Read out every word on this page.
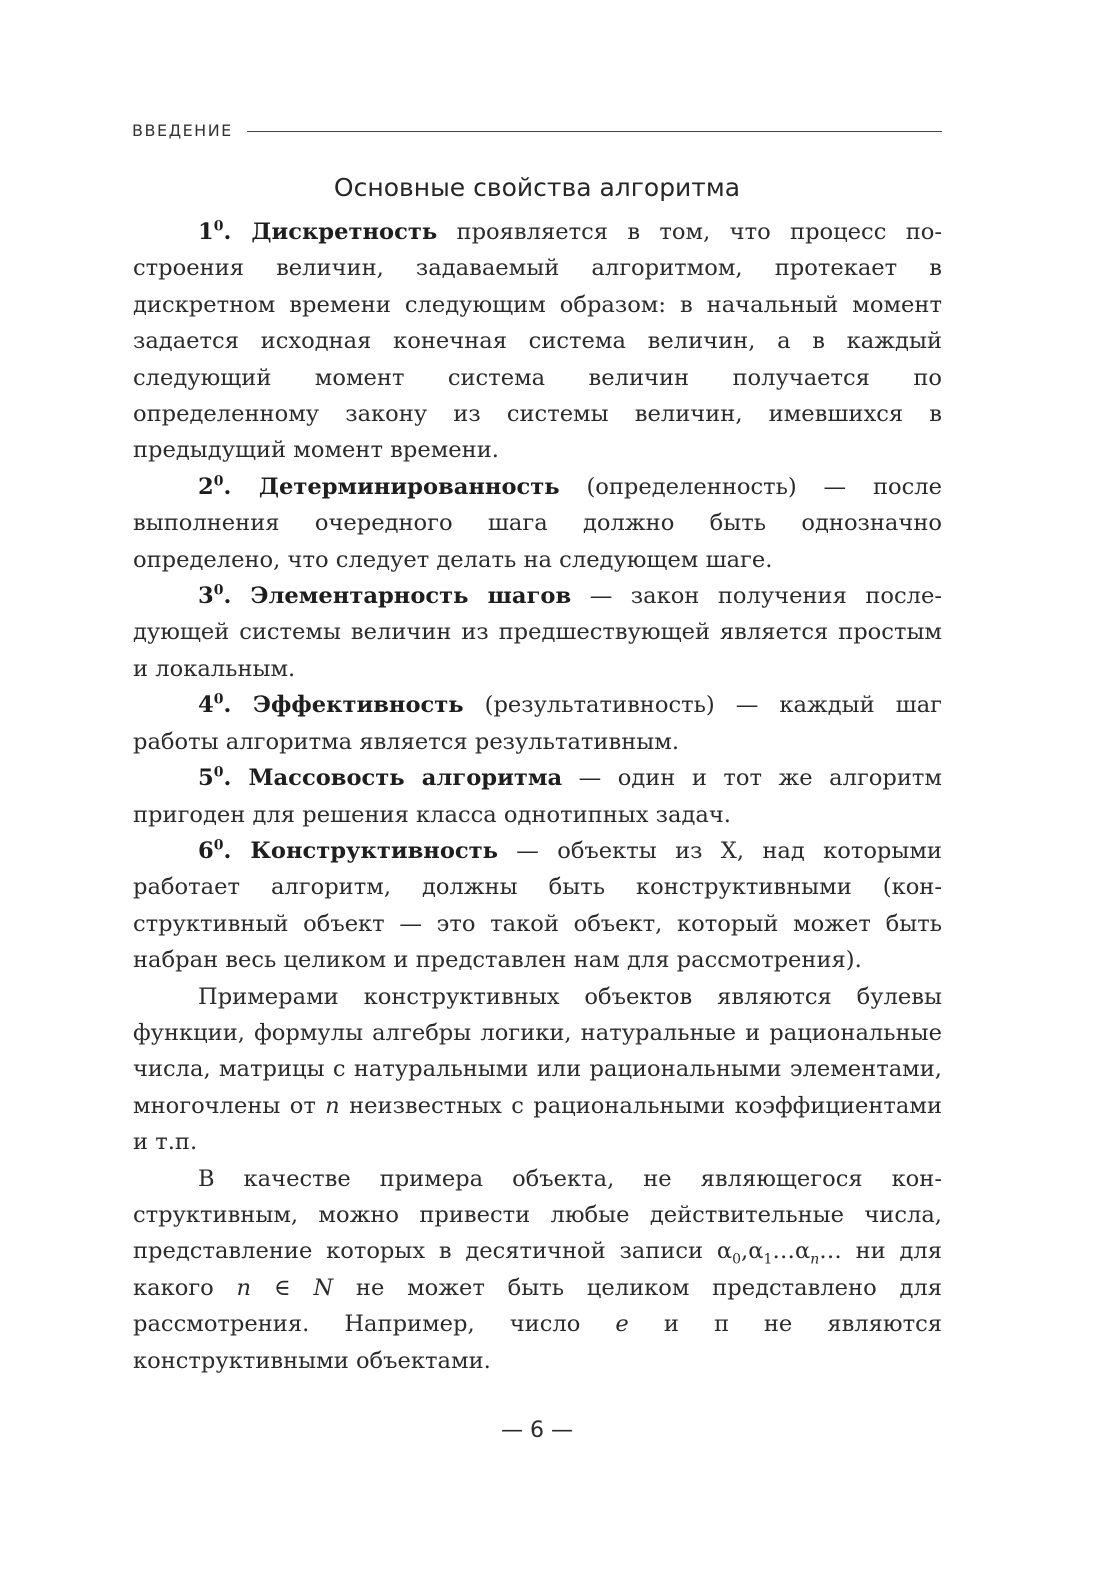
ВВЕДЕНИЕ
Основные свойства алгоритма

$1^0$. Дискретность проявляется в том, что процесс построения величин, задаваемый алгоритмом, протекает в дискретном времени следующим образом: в начальный момент задается исходная конечная система величин, а в каждый следующий момент система величин получается по определенному закону из системы величин, имевшихся в предыдущий момент времени.

$2^0$. Детерминированность (определенность) — после выполнения очередного шага должно быть однозначно определено, что следует делать на следующем шаге.

$3^0$. Элементарность шагов — закон получения последующей системы величин из предшествующей является простым и локальным.

$4^0$. Эффективность (результативность) — каждый шаг работы алгоритма является результативным.

$5^0$. Массовость алгоритма — один и тот же алгоритм пригоден для решения класса однотипных задач.

$6^0$. Конструктивность — объекты из X, над которыми работает алгоритм, должны быть конструктивными (конструктивный объект — это такой объект, который может быть набран весь целиком и представлен нам для рассмотрения).

Примерами конструктивных объектов являются булевы функции, формулы алгебры логики, натуральные и рациональные числа, матрицы с натуральными или рациональными элементами, многочлены от n неизвестных с рациональными коэффициентами и т.п.

В качестве примера объекта, не являющегося конструктивным, можно привести любые действительные числа, представление которых в десятичной записи $\alpha_0,\alpha_1\dots\alpha_n\dots$ ни для какого n ∈ N не может быть целиком представлено для рассмотрения. Например, число e и π не являются конструктивными объектами.

— 6 —
